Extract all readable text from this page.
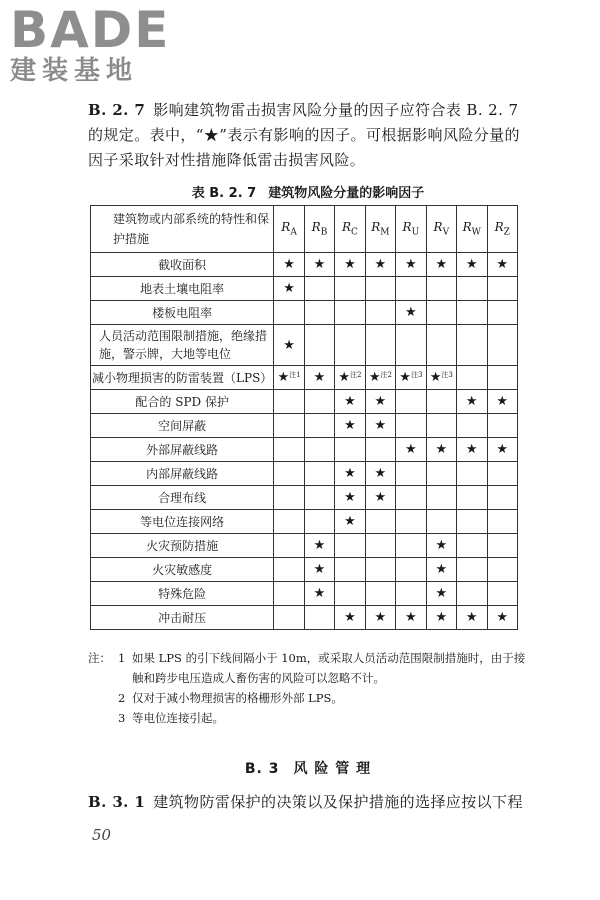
BADE
建装基地
B. 2. 7 影响建筑物雷击损害风险分量的因子应符合表 B. 2. 7 的规定。表中，“★”表示有影响的因子。可根据影响风险分量的因子采取针对性措施降低雷击损害风险。
表 B. 2. 7 建筑物风险分量的影响因子
建筑物或内部系统的特性和保护措施	$R_A$	$R_B$	$R_C$	$R_M$	$R_U$	$R_V$	$R_W$	$R_Z$
截收面积	★	★	★	★	★	★	★	★
地表土壤电阻率	★							
楼板电阻率					★			
人员活动范围限制措施，绝缘措施，警示牌，大地等电位	★							
减小物理损害的防雷装置（LPS）	★$^{注1}$	★	★$^{注2}$	★$^{注2}$	★$^{注3}$	★$^{注3}$		
配合的 SPD 保护			★	★			★	★
空间屏蔽			★	★				
外部屏蔽线路					★	★	★	★
内部屏蔽线路			★	★				
合理布线			★	★				
等电位连接网络			★					
火灾预防措施		★				★		
火灾敏感度		★				★		
特殊危险		★				★		
冲击耐压			★	★	★	★	★	★
注： 1 如果 LPS 的引下线间隔小于 10m，或采取人员活动范围限制措施时，由于接触和跨步电压造成人畜伤害的风险可以忽略不计。
2 仅对于减小物理损害的格栅形外部 LPS。
3 等电位连接引起。
B. 3 风 险 管 理
B. 3. 1 建筑物防雷保护的决策以及保护措施的选择应按以下程
50
